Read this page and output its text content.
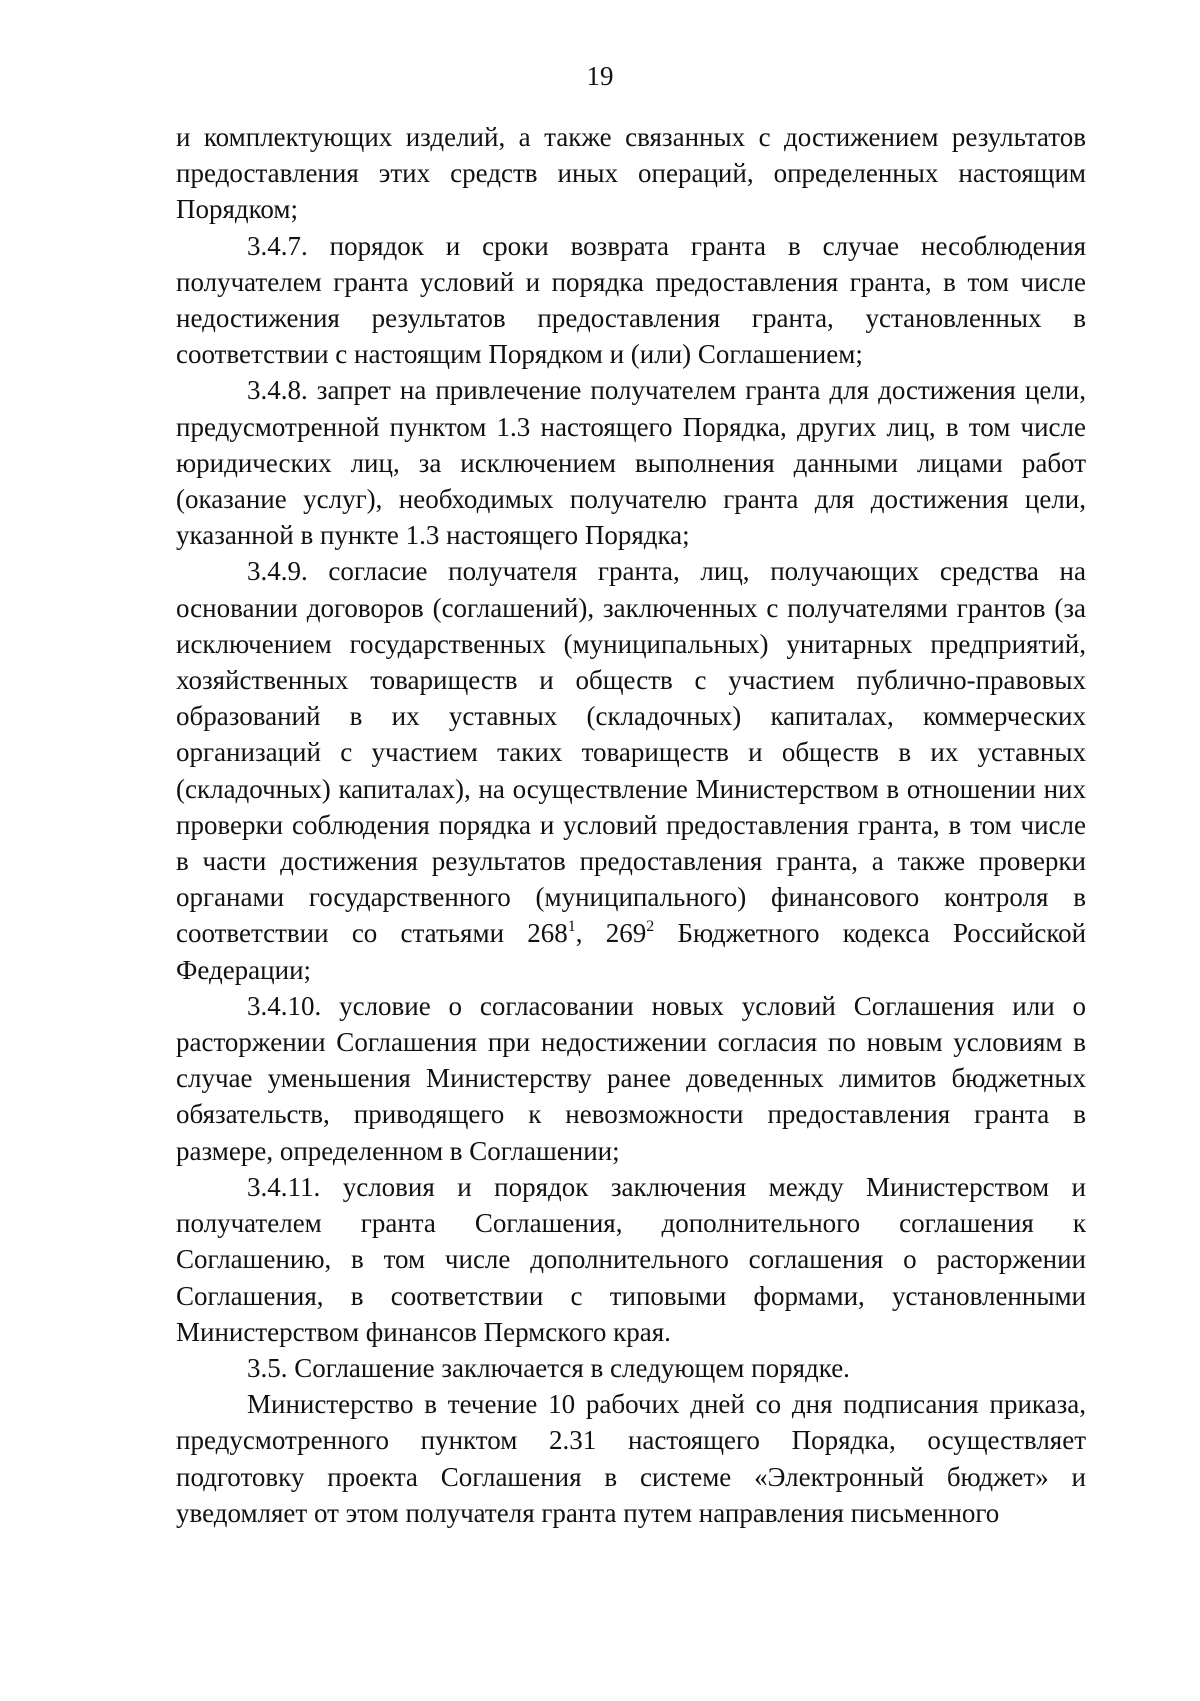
19

и комплектующих изделий, а также связанных с достижением результатов предоставления этих средств иных операций, определенных настоящим Порядком;

3.4.7. порядок и сроки возврата гранта в случае несоблюдения получателем гранта условий и порядка предоставления гранта, в том числе недостижения результатов предоставления гранта, установленных в соответствии с настоящим Порядком и (или) Соглашением;

3.4.8. запрет на привлечение получателем гранта для достижения цели, предусмотренной пунктом 1.3 настоящего Порядка, других лиц, в том числе юридических лиц, за исключением выполнения данными лицами работ (оказание услуг), необходимых получателю гранта для достижения цели, указанной в пункте 1.3 настоящего Порядка;

3.4.9. согласие получателя гранта, лиц, получающих средства на основании договоров (соглашений), заключенных с получателями грантов (за исключением государственных (муниципальных) унитарных предприятий, хозяйственных товариществ и обществ с участием публично-правовых образований в их уставных (складочных) капиталах, коммерческих организаций с участием таких товариществ и обществ в их уставных (складочных) капиталах), на осуществление Министерством в отношении них проверки соблюдения порядка и условий предоставления гранта, в том числе в части достижения результатов предоставления гранта, а также проверки органами государственного (муниципального) финансового контроля в соответствии со статьями $268^1$, $269^2$ Бюджетного кодекса Российской Федерации;

3.4.10. условие о согласовании новых условий Соглашения или о расторжении Соглашения при недостижении согласия по новым условиям в случае уменьшения Министерству ранее доведенных лимитов бюджетных обязательств, приводящего к невозможности предоставления гранта в размере, определенном в Соглашении;

3.4.11. условия и порядок заключения между Министерством и получателем гранта Соглашения, дополнительного соглашения к Соглашению, в том числе дополнительного соглашения о расторжении Соглашения, в соответствии с типовыми формами, установленными Министерством финансов Пермского края.

3.5. Соглашение заключается в следующем порядке.

Министерство в течение 10 рабочих дней со дня подписания приказа, предусмотренного пунктом 2.31 настоящего Порядка, осуществляет подготовку проекта Соглашения в системе «Электронный бюджет» и уведомляет от этом получателя гранта путем направления письменного
